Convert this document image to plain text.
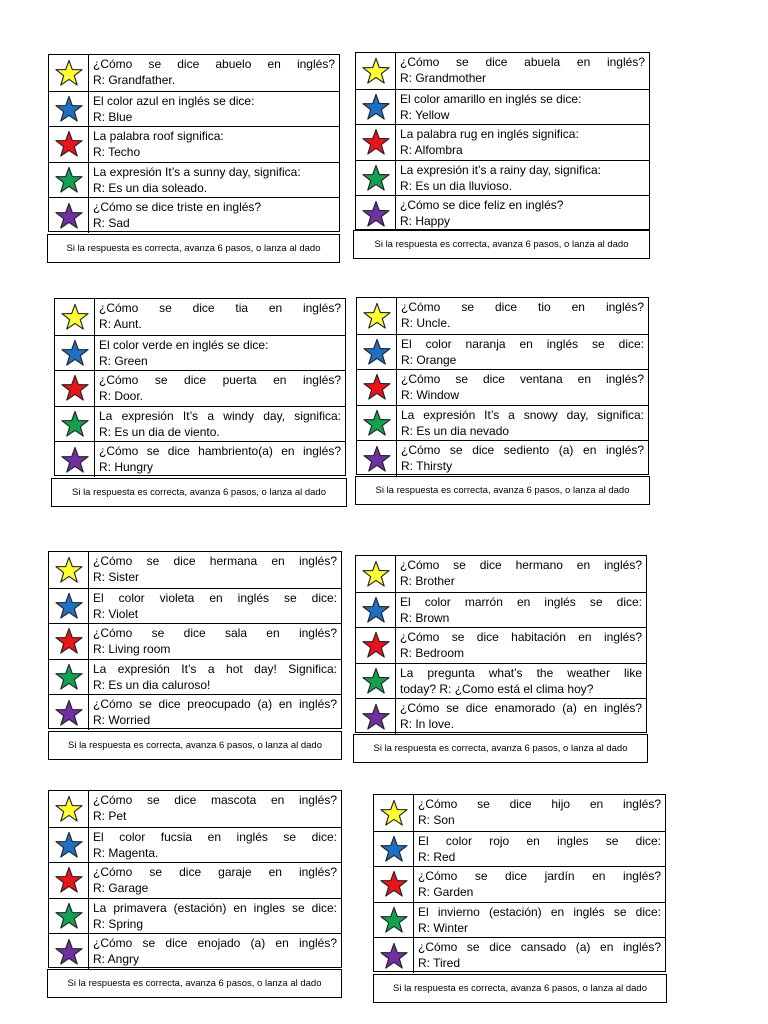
¿Cómo se dice abuelo en inglés?
R: Grandfather.
El color azul en inglés se dice:
R: Blue
La palabra roof significa:
R: Techo
La expresión It’s a sunny day, significa:
R: Es un dia soleado.
¿Cómo se dice triste en inglés?
R: Sad
Si la respuesta es correcta, avanza 6 pasos, o lanza al dado
¿Cómo se dice abuela en inglés?
R: Grandmother
El color amarillo en inglés se dice:
R: Yellow
La palabra rug en inglés significa:
R: Alfombra
La expresión it’s a rainy day, significa:
R: Es un dia lluvioso.
¿Cómo se dice feliz en inglés?
R: Happy
Si la respuesta es correcta, avanza 6 pasos, o lanza al dado
¿Cómo se dice tia en inglés?
R: Aunt.
El color verde en inglés se dice:
R: Green
¿Cómo se dice puerta en inglés?
R: Door.
La expresión It’s a windy day, significa:
R: Es un dia de viento.
¿Cómo se dice hambriento(a) en inglés?
R: Hungry
Si la respuesta es correcta, avanza 6 pasos, o lanza al dado
¿Cómo se dice tio en inglés?
R: Uncle.
El color naranja en inglés se dice:
R: Orange
¿Cómo se dice ventana en inglés?
R: Window
La expresión It’s a snowy day, significa:
R: Es un dia nevado
¿Cómo se dice sediento (a) en inglés?
R: Thirsty
Si la respuesta es correcta, avanza 6 pasos, o lanza al dado
¿Cómo se dice hermana en inglés?
R: Sister
El color violeta en inglés se dice:
R: Violet
¿Cómo se dice sala en inglés?
R: Living room
La expresión It’s a hot day! Significa:
R: Es un dia caluroso!
¿Cómo se dice preocupado (a) en inglés?
R: Worried
Si la respuesta es correcta, avanza 6 pasos, o lanza al dado
¿Cómo se dice hermano en inglés?
R: Brother
El color marrón en inglés se dice:
R: Brown
¿Cómo se dice habitación en inglés?
R: Bedroom
La pregunta what’s the weather like
today? R: ¿Como está el clima hoy?
¿Cómo se dice enamorado (a) en inglés?
R: In love.
Si la respuesta es correcta, avanza 6 pasos, o lanza al dado
¿Cómo se dice mascota en inglés?
R: Pet
El color fucsia en inglés se dice:
R: Magenta.
¿Cómo se dice garaje en inglés?
R: Garage
La primavera (estación) en ingles se dice:
R: Spring
¿Cómo se dice enojado (a) en inglés?
R: Angry
Si la respuesta es correcta, avanza 6 pasos, o lanza al dado
¿Cómo se dice hijo en inglés?
R: Son
El color rojo en ingles se dice:
R: Red
¿Cómo se dice jardín en inglés?
R: Garden
El invierno (estación) en inglés se dice:
R: Winter
¿Cómo se dice cansado (a) en inglés?
R: Tired
Si la respuesta es correcta, avanza 6 pasos, o lanza al dado
